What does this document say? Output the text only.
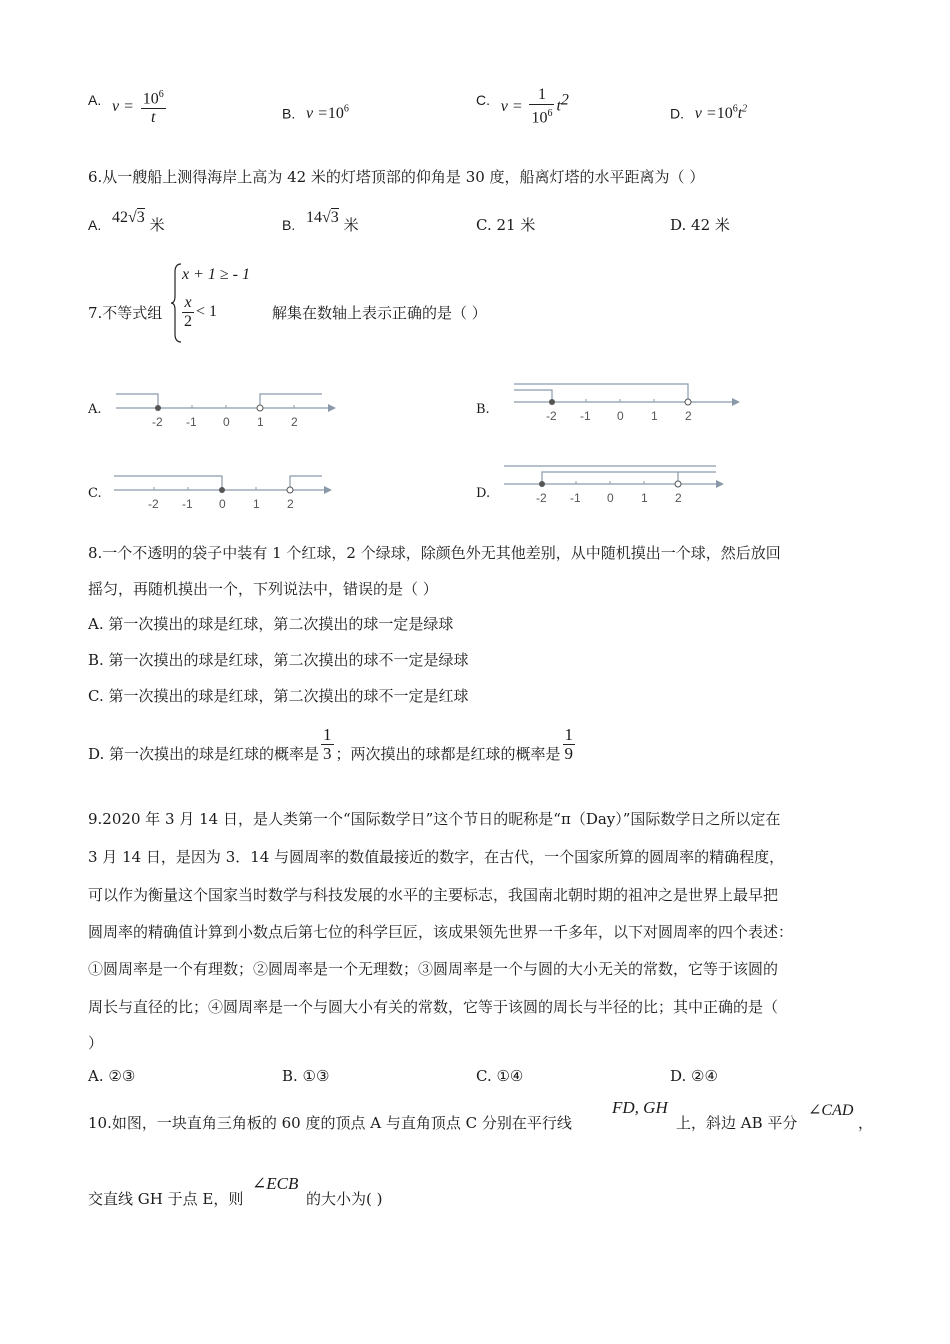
A. $v = \frac{10^6}{t}$	B. $v =10^6$
C. $v = \frac{1}{10^6} t^2$
D. $v =10^6t^2$
6.从一艘船上测得海岸上高为 42 米的灯塔顶部的仰角是 30 度，船离灯塔的水平距离为（ ）
A. 42√3 米	B. 14√3 米	C. 21 米	D. 42 米
7.不等式组
x + 1 ≥ - 1
$\frac{x}{2} < 1$	解集在数轴上表示正确的是（ ）
A.	B.
C.	D.
-2 -1 0 1 2	-2 -1 0 1 2
-2 -1 0 1 2	-2 -1 0 1 2
8.一个不透明的袋子中装有 1 个红球，2 个绿球，除颜色外无其他差别，从中随机摸出一个球，然后放回
摇匀，再随机摸出一个，下列说法中，错误的是（ ）
A. 第一次摸出的球是红球，第二次摸出的球一定是绿球
B. 第一次摸出的球是红球，第二次摸出的球不一定是绿球
C. 第一次摸出的球是红球，第二次摸出的球不一定是红球
D. 第一次摸出的球是红球的概率是 $\frac{1}{3}$ ；两次摸出的球都是红球的概率是 $\frac{1}{9}$
9.2020 年 3 月 14 日，是人类第一个“国际数学日”这个节日的昵称是“π（Day）”国际数学日之所以定在
3 月 14 日，是因为 3．14 与圆周率的数值最接近的数字，在古代，一个国家所算的圆周率的精确程度，
可以作为衡量这个国家当时数学与科技发展的水平的主要标志，我国南北朝时期的祖冲之是世界上最早把
圆周率的精确值计算到小数点后第七位的科学巨匠，该成果领先世界一千多年，以下对圆周率的四个表述：
①圆周率是一个有理数；②圆周率是一个无理数；③圆周率是一个与圆的大小无关的常数，它等于该圆的
周长与直径的比；④圆周率是一个与圆大小有关的常数，它等于该圆的周长与半径的比；其中正确的是（
）
A. ②③	B. ①③	C. ①④	D. ②④
10.如图，一块直角三角板的 60 度的顶点 A 与直角顶点 C 分别在平行线
FD, GH
上，斜边 AB 平分
∠CAD
，
交直线 GH 于点 E，则
∠ECB
的大小为( )
